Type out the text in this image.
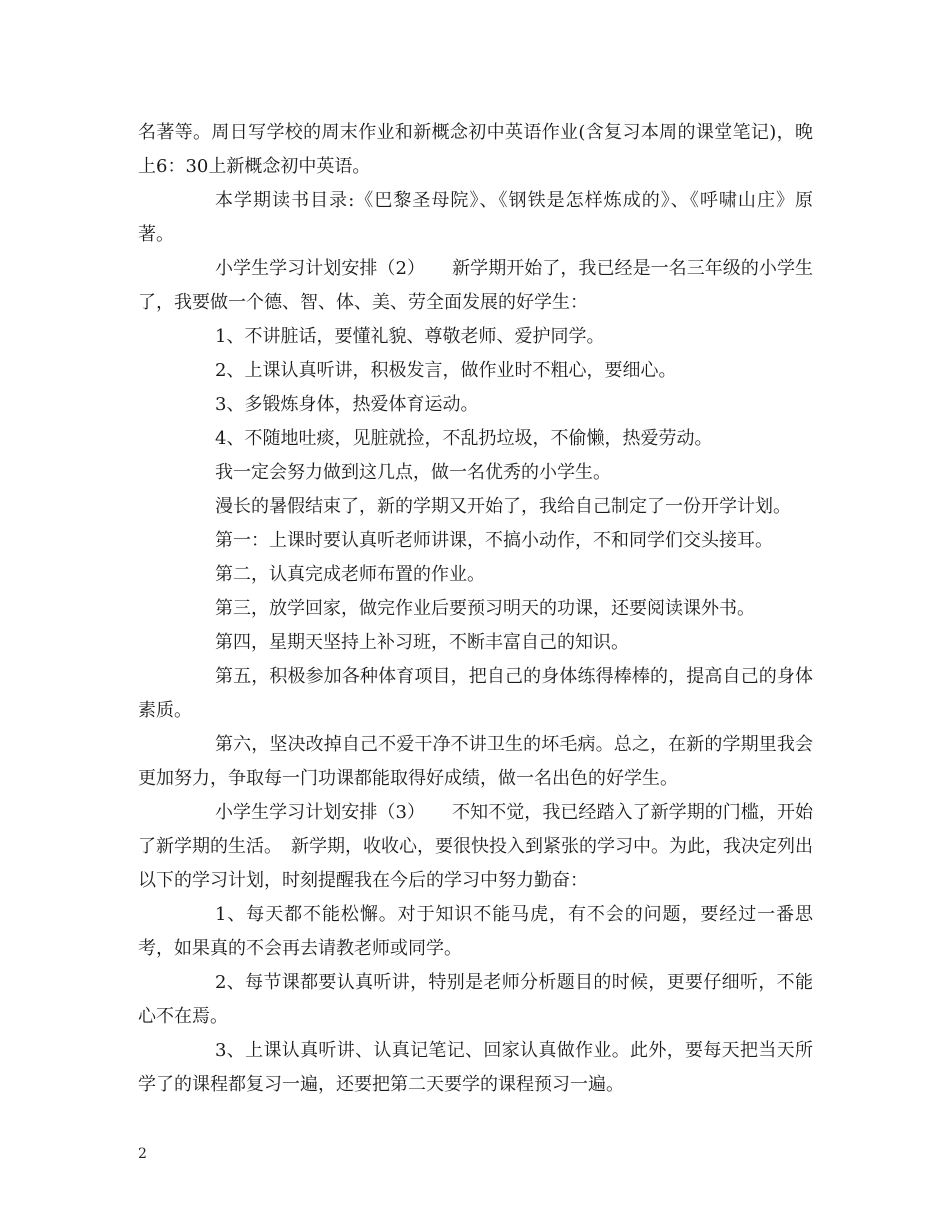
名著等。周日写学校的周末作业和新概念初中英语作业(含复习本周的课堂笔记)，晚上6：30上新概念初中英语。

本学期读书目录:《巴黎圣母院》、《钢铁是怎样炼成的》、《呼啸山庄》原著。

小学生学习计划安排（2）　　新学期开始了，我已经是一名三年级的小学生了，我要做一个德、智、体、美、劳全面发展的好学生：

1、不讲脏话，要懂礼貌、尊敬老师、爱护同学。

2、上课认真听讲，积极发言，做作业时不粗心，要细心。

3、多锻炼身体，热爱体育运动。

4、不随地吐痰，见脏就捡，不乱扔垃圾，不偷懒，热爱劳动。

我一定会努力做到这几点，做一名优秀的小学生。

漫长的暑假结束了，新的学期又开始了，我给自己制定了一份开学计划。

第一：上课时要认真听老师讲课，不搞小动作，不和同学们交头接耳。

第二，认真完成老师布置的作业。

第三，放学回家，做完作业后要预习明天的功课，还要阅读课外书。

第四，星期天坚持上补习班，不断丰富自己的知识。

第五，积极参加各种体育项目，把自己的身体练得棒棒的，提高自己的身体素质。

第六，坚决改掉自己不爱干净不讲卫生的坏毛病。总之，在新的学期里我会更加努力，争取每一门功课都能取得好成绩，做一名出色的好学生。

小学生学习计划安排（3）　　不知不觉，我已经踏入了新学期的门槛，开始了新学期的生活。　新学期，收收心，要很快投入到紧张的学习中。为此，我决定列出以下的学习计划，时刻提醒我在今后的学习中努力勤奋：

1、每天都不能松懈。对于知识不能马虎，有不会的问题，要经过一番思考，如果真的不会再去请教老师或同学。

2、每节课都要认真听讲，特别是老师分析题目的时候，更要仔细听，不能心不在焉。

3、上课认真听讲、认真记笔记、回家认真做作业。此外，要每天把当天所学了的课程都复习一遍，还要把第二天要学的课程预习一遍。

2
